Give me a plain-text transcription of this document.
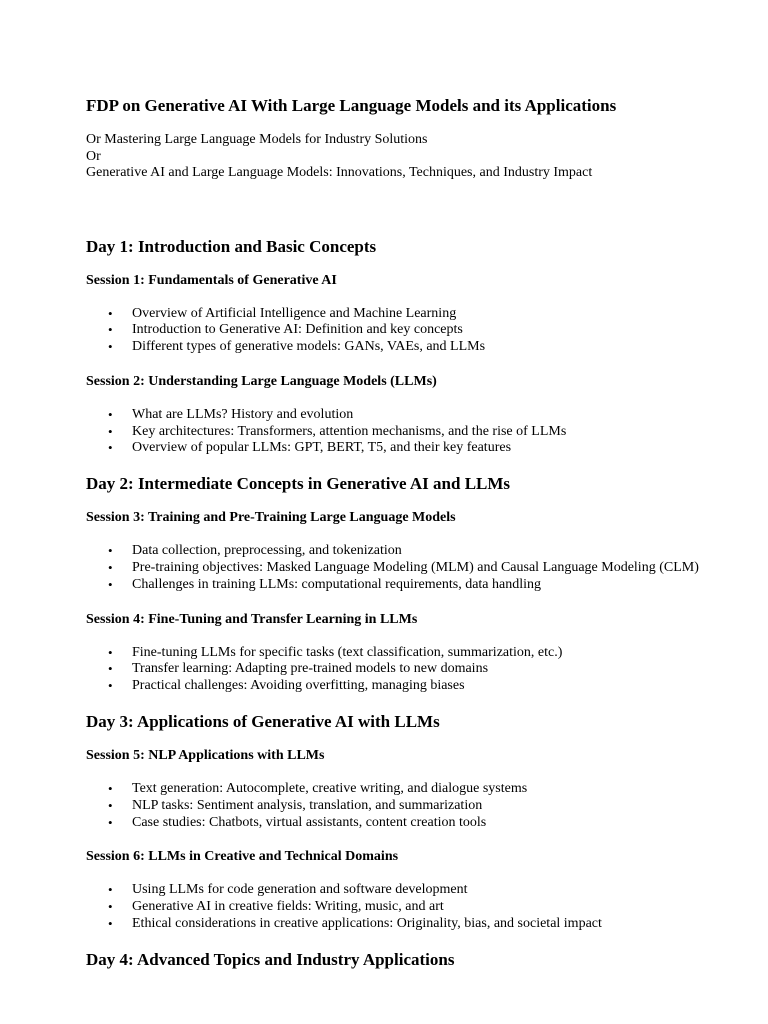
FDP on Generative AI With Large Language Models and its Applications
Or Mastering Large Language Models for Industry Solutions
Or
Generative AI and Large Language Models: Innovations, Techniques, and Industry Impact
Day 1: Introduction and Basic Concepts
Session 1: Fundamentals of Generative AI
• Overview of Artificial Intelligence and Machine Learning
• Introduction to Generative AI: Definition and key concepts
• Different types of generative models: GANs, VAEs, and LLMs
Session 2: Understanding Large Language Models (LLMs)
• What are LLMs? History and evolution
• Key architectures: Transformers, attention mechanisms, and the rise of LLMs
• Overview of popular LLMs: GPT, BERT, T5, and their key features
Day 2: Intermediate Concepts in Generative AI and LLMs
Session 3: Training and Pre-Training Large Language Models
• Data collection, preprocessing, and tokenization
• Pre-training objectives: Masked Language Modeling (MLM) and Causal Language Modeling (CLM)
• Challenges in training LLMs: computational requirements, data handling
Session 4: Fine-Tuning and Transfer Learning in LLMs
• Fine-tuning LLMs for specific tasks (text classification, summarization, etc.)
• Transfer learning: Adapting pre-trained models to new domains
• Practical challenges: Avoiding overfitting, managing biases
Day 3: Applications of Generative AI with LLMs
Session 5: NLP Applications with LLMs
• Text generation: Autocomplete, creative writing, and dialogue systems
• NLP tasks: Sentiment analysis, translation, and summarization
• Case studies: Chatbots, virtual assistants, content creation tools
Session 6: LLMs in Creative and Technical Domains
• Using LLMs for code generation and software development
• Generative AI in creative fields: Writing, music, and art
• Ethical considerations in creative applications: Originality, bias, and societal impact
Day 4: Advanced Topics and Industry Applications
